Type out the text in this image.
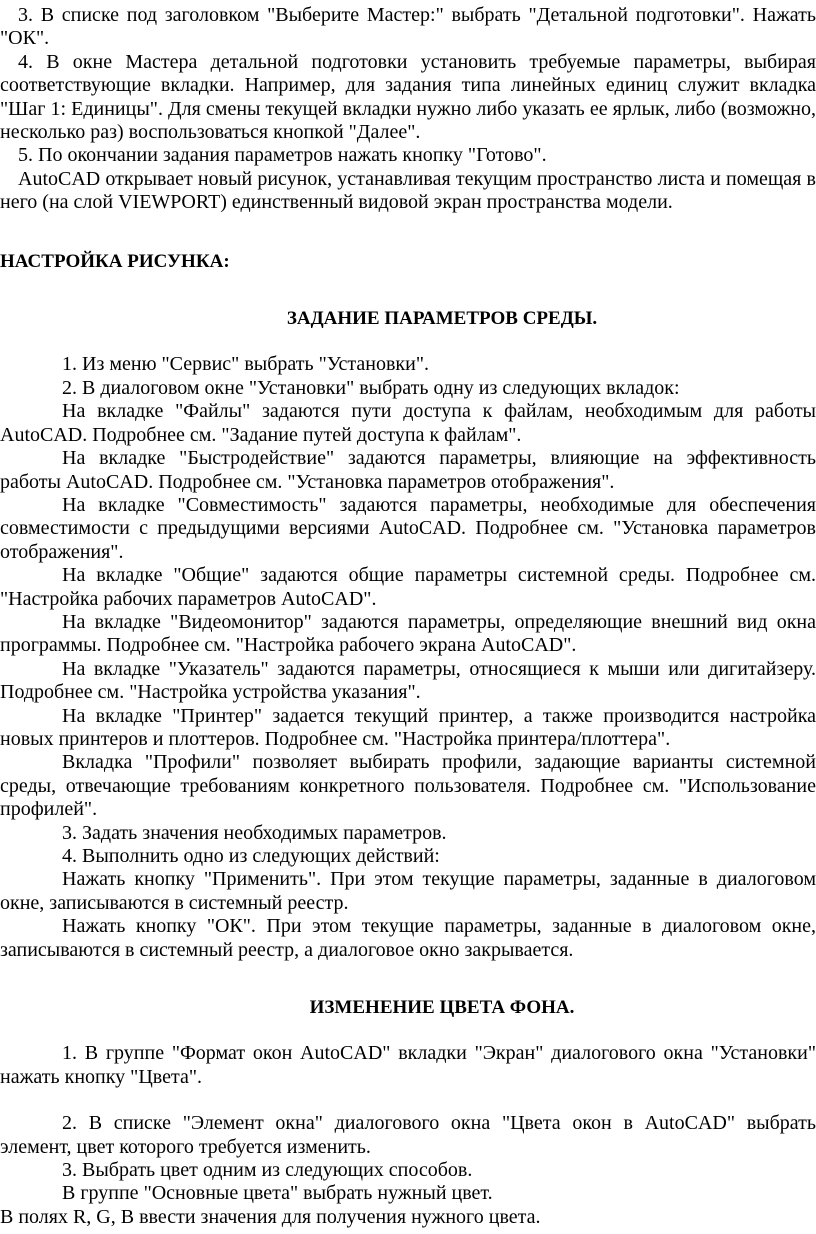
3. В списке под заголовком "Выберите Мастер:" выбрать "Детальной подготовки". Нажать "ОК".

4. В окне Мастера детальной подготовки установить требуемые параметры, выбирая соответствующие вкладки. Например, для задания типа линейных единиц служит вкладка "Шаг 1: Единицы". Для смены текущей вкладки нужно либо указать ее ярлык, либо (возможно, несколько раз) воспользоваться кнопкой "Далее".

5. По окончании задания параметров нажать кнопку "Готово".

AutoCAD открывает новый рисунок, устанавливая текущим пространство листа и помещая в него (на слой VIEWPORT) единственный видовой экран пространства модели.

НАСТРОЙКА РИСУНКА:

ЗАДАНИЕ ПАРАМЕТРОВ СРЕДЫ.

1. Из меню "Сервис" выбрать "Установки".

2. В диалоговом окне "Установки" выбрать одну из следующих вкладок:

На вкладке "Файлы" задаются пути доступа к файлам, необходимым для работы AutoCAD. Подробнее см. "Задание путей доступа к файлам".

На вкладке "Быстродействие" задаются параметры, влияющие на эффективность работы AutoCAD. Подробнее см. "Установка параметров отображения".

На вкладке "Совместимость" задаются параметры, необходимые для обеспечения совместимости с предыдущими версиями AutoCAD. Подробнее см. "Установка параметров отображения".

На вкладке "Общие" задаются общие параметры системной среды. Подробнее см. "Настройка рабочих параметров AutoCAD".

На вкладке "Видеомонитор" задаются параметры, определяющие внешний вид окна программы. Подробнее см. "Настройка рабочего экрана AutoCAD".

На вкладке "Указатель" задаются параметры, относящиеся к мыши или дигитайзеру. Подробнее см. "Настройка устройства указания".

На вкладке "Принтер" задается текущий принтер, а также производится настройка новых принтеров и плоттеров. Подробнее см. "Настройка принтера/плоттера".

Вкладка "Профили" позволяет выбирать профили, задающие варианты системной среды, отвечающие требованиям конкретного пользователя. Подробнее см. "Использование профилей".

3. Задать значения необходимых параметров.

4. Выполнить одно из следующих действий:

Нажать кнопку "Применить". При этом текущие параметры, заданные в диалоговом окне, записываются в системный реестр.

Нажать кнопку "ОК". При этом текущие параметры, заданные в диалоговом окне, записываются в системный реестр, а диалоговое окно закрывается.

ИЗМЕНЕНИЕ ЦВЕТА ФОНА.

1. В группе "Формат окон AutoCAD" вкладки "Экран" диалогового окна "Установки" нажать кнопку "Цвета".

2. В списке "Элемент окна" диалогового окна "Цвета окон в AutoCAD" выбрать элемент, цвет которого требуется изменить.

3. Выбрать цвет одним из следующих способов.

В группе "Основные цвета" выбрать нужный цвет.

В полях R, G, B ввести значения для получения нужного цвета.
